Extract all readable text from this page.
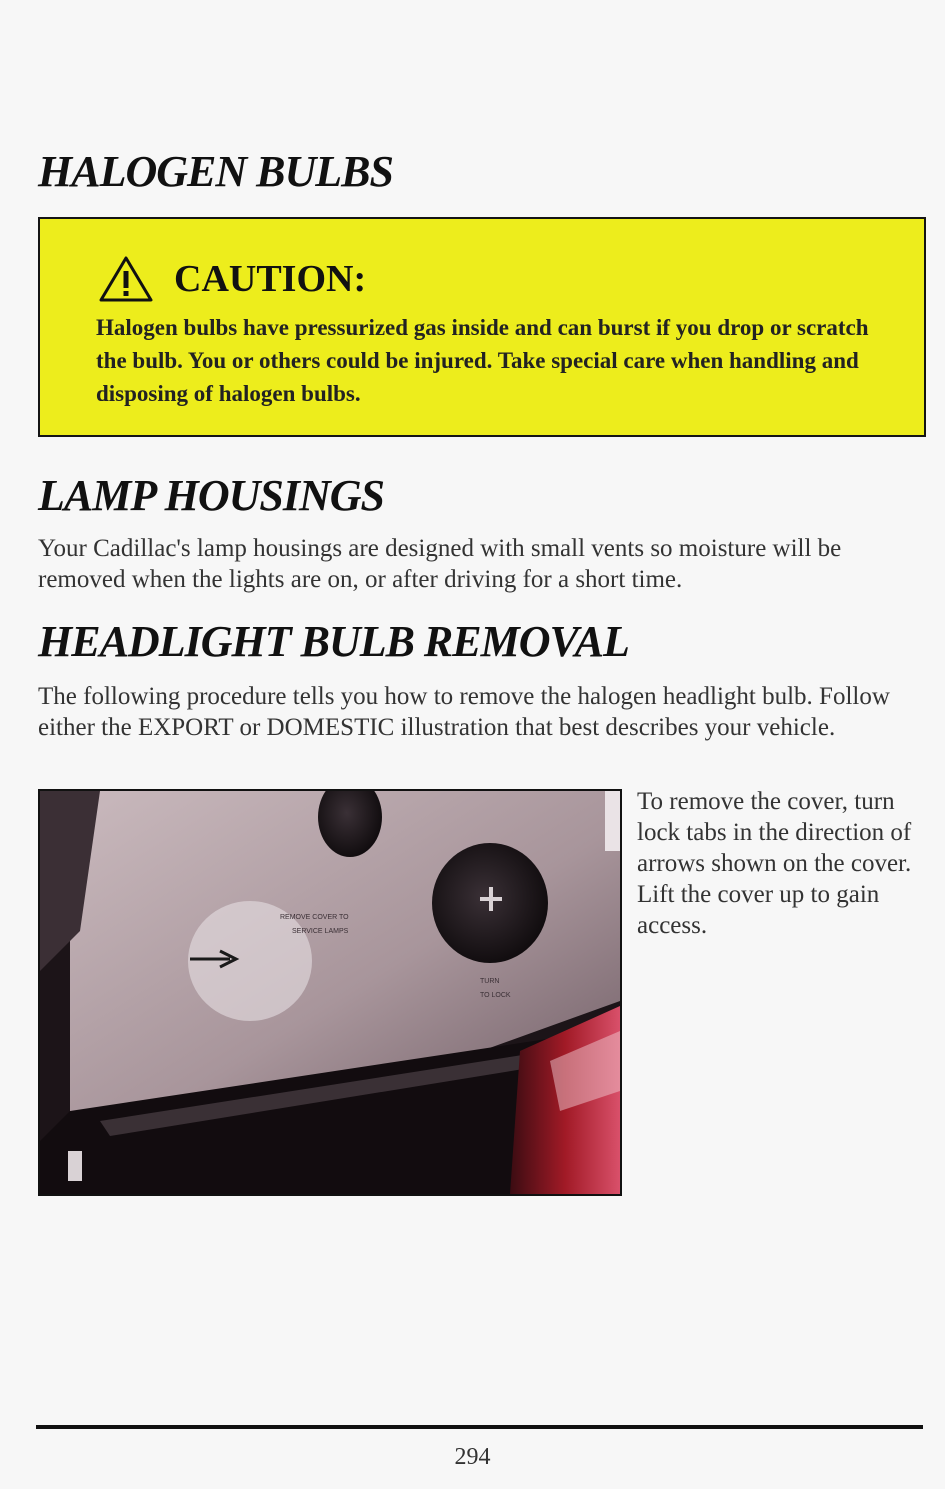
HALOGEN BULBS
CAUTION:

Halogen bulbs have pressurized gas inside and can burst if you drop or scratch the bulb. You or others could be injured. Take special care when handling and disposing of halogen bulbs.

LAMP HOUSINGS

Your Cadillac's lamp housings are designed with small vents so moisture will be removed when the lights are on, or after driving for a short time.

HEADLIGHT BULB REMOVAL

The following procedure tells you how to remove the halogen headlight bulb. Follow either the EXPORT or DOMESTIC illustration that best describes your vehicle.

REMOVE COVER TO
SERVICE LAMPS
TURN
TO LOCK

To remove the cover, turn lock tabs in the direction of arrows shown on the cover. Lift the cover up to gain access.

294
